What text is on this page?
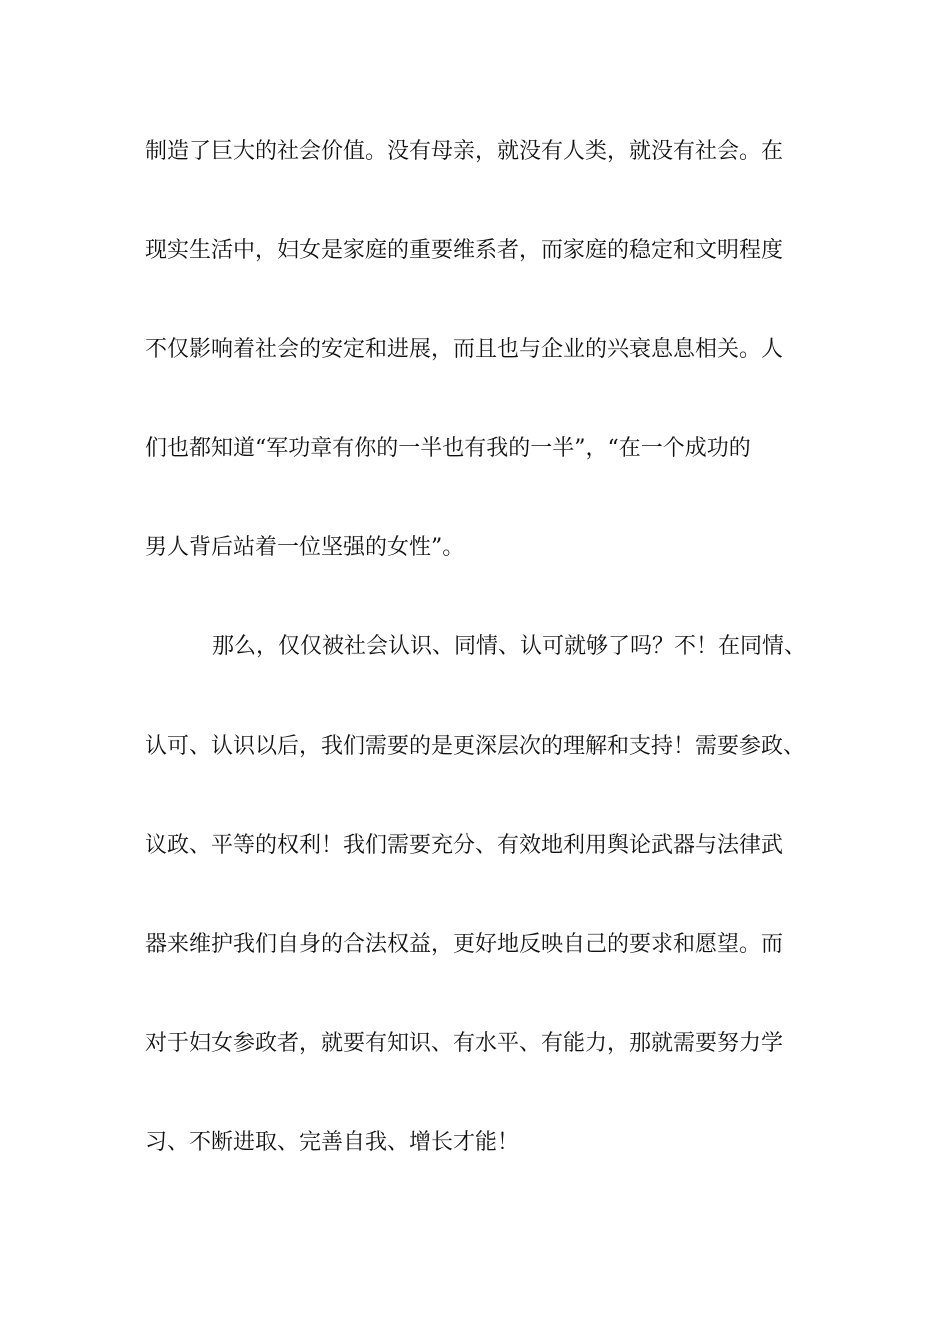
制造了巨大的社会价值。没有母亲，就没有人类，就没有社会。在

现实生活中，妇女是家庭的重要维系者，而家庭的稳定和文明程度

不仅影响着社会的安定和进展，而且也与企业的兴衰息息相关。人

们也都知道“军功章有你的一半也有我的一半”，“在一个成功的

男人背后站着一位坚强的女性”。

那么，仅仅被社会认识、同情、认可就够了吗？不！在同情、

认可、认识以后，我们需要的是更深层次的理解和支持！需要参政、

议政、平等的权利！我们需要充分、有效地利用舆论武器与法律武

器来维护我们自身的合法权益，更好地反映自己的要求和愿望。而

对于妇女参政者，就要有知识、有水平、有能力，那就需要努力学

习、不断进取、完善自我、增长才能！
